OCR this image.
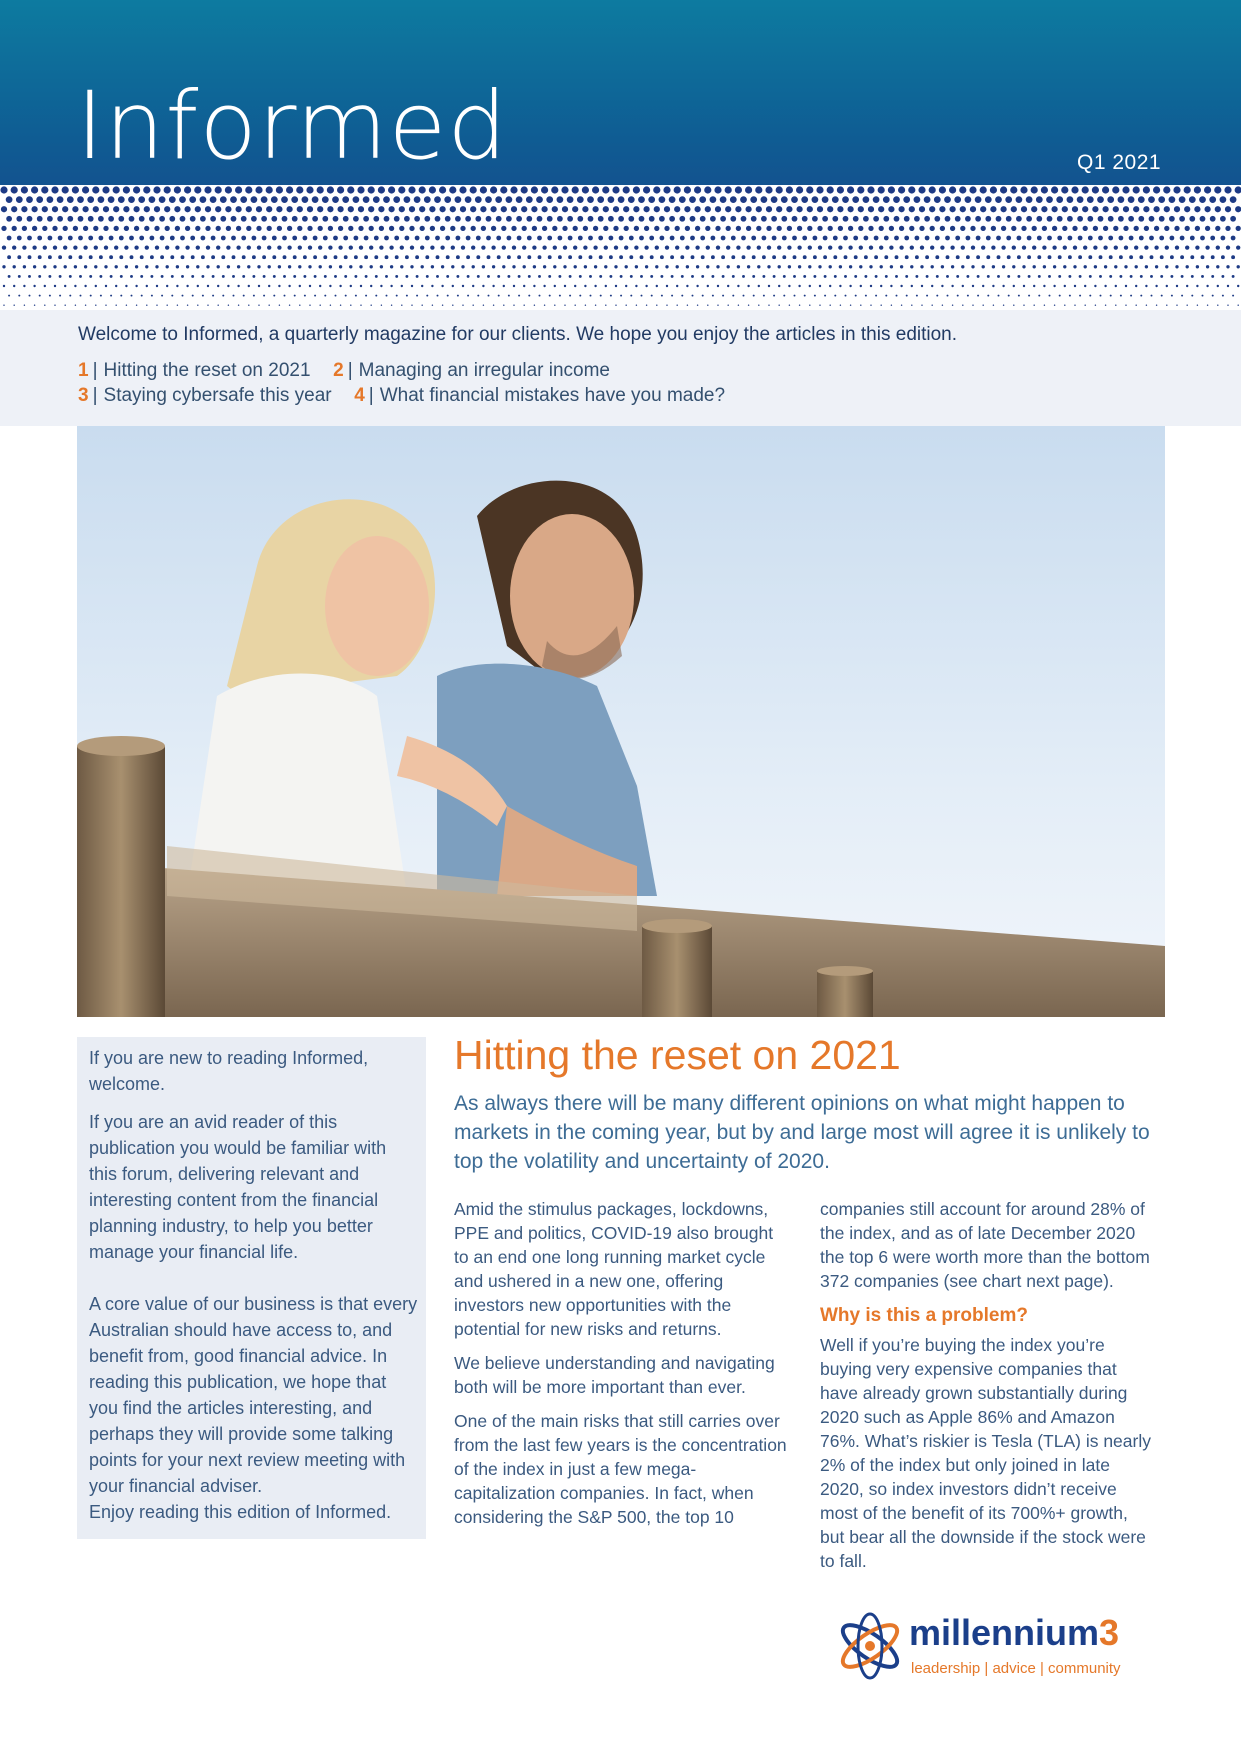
Informed	Q1 2021
Welcome to Informed, a quarterly magazine for our clients. We hope you enjoy the articles in this edition.
1 | Hitting the reset on 2021 2 | Managing an irregular income
3 | Staying cybersafe this year 4 | What financial mistakes have you made?

If you are new to reading Informed, welcome.

If you are an avid reader of this publication you would be familiar with this forum, delivering relevant and interesting content from the financial planning industry, to help you better manage your financial life.

A core value of our business is that every Australian should have access to, and benefit from, good financial advice. In reading this publication, we hope that you find the articles interesting, and perhaps they will provide some talking points for your next review meeting with your financial adviser.

Enjoy reading this edition of Informed.

Hitting the reset on 2021

As always there will be many different opinions on what might happen to markets in the coming year, but by and large most will agree it is unlikely to top the volatility and uncertainty of 2020.

Amid the stimulus packages, lockdowns, PPE and politics, COVID-19 also brought to an end one long running market cycle and ushered in a new one, offering investors new opportunities with the potential for new risks and returns.

We believe understanding and navigating both will be more important than ever.

One of the main risks that still carries over from the last few years is the concentration of the index in just a few mega-capitalization companies. In fact, when considering the S&P 500, the top 10

companies still account for around 28% of the index, and as of late December 2020 the top 6 were worth more than the bottom 372 companies (see chart next page).

Why is this a problem?

Well if you’re buying the index you’re buying very expensive companies that have already grown substantially during 2020 such as Apple 86% and Amazon 76%. What’s riskier is Tesla (TLA) is nearly 2% of the index but only joined in late 2020, so index investors didn’t receive most of the benefit of its 700%+ growth, but bear all the downside if the stock were to fall.

millennium3
leadership | advice | community
